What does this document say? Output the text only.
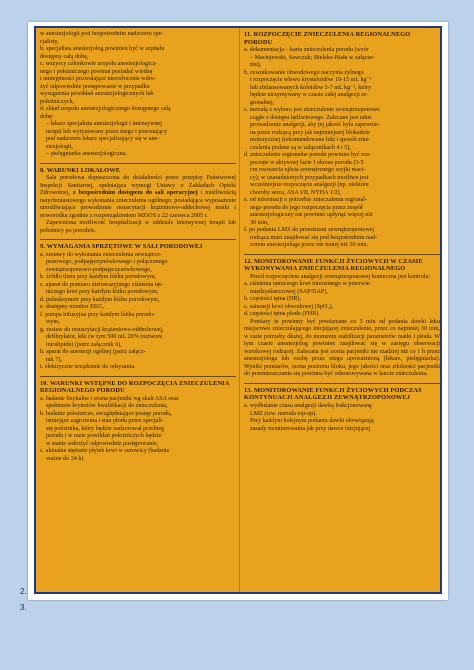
w anestezjologii pod bezpośrednim nadzorem spe-

cjalisty,

b. specjalista anestezjolog powinien być w szpitalu

dostępny całą dobę,

c. wszyscy członkowie zespołu anestezjologicz-

nego i położniczego powinni posiadać wiedzę

i umiejętności pozwalające niezwłocznie wdro-

żyć odpowiednie postępowanie w przypadku

wystąpienia powikłań anestezjologicznych lub

położniczych,

d. skład zespołu anestezjologicznego dostępnego całą

dobę:

– lekarz specjalista anestezjologii i intensywnej

terapii lub wytypowany przez niego i pozostający

pod nadzorem lekarz specjalizujący się w ane-

stezjologii,

– pielęgniarka anestezjologiczna.

8. WARUNKI LOKALOWE

Sala porodowa dopuszczona do działalności przez przepisy Państwowej Inspekcji Sanitarnej, spełniająca wymogi Ustawy o Zakładach Opieki Zdrowotnej, z bezpośrednim dostępem do sali operacyjnej i możliwością natychmiastowego wykonania znieczulenia ogólnego, posiadająca wyposażenie umożliwiające prowadzenie resuscytacji krążeniowo-oddechowej matki i noworodka zgodnie z rozporządzeniem MZiOS z 22 czerwca 2005 r.

Zapewniona możliwość hospitalizacji w oddziale intensywnej terapii lub położnicy po porodzie.

9. WYMAGANIA SPRZĘTOWE W SALI PORODOWEJ

a. zestawy do wykonania znieczulenia zewnątrzo-

ponowego, podpajęczynówkowego i połączonego

zewnątrzoponowo-podpajęczynówkowego,

b. źródło tlenu przy każdym łóżku porodowym,

c. aparat do pomiaru nieinwazyjnego ciśnienia tęt-

niczego krwi przy każdym łóżku porodowym,

d. pulsoksymetr przy każdym łóżku porodowym,

e. dostępny monitor EKG,

f. pompa infuzyjna przy każdym łóżku porodo-

wym,

g. zestaw do resuscytacji krążeniowo-oddechowej,

defibrylator, leki (w tym 500 mL 20% roztworu

intralipidu) (patrz załącznik 6),

h. aparat do anestezji ogólnej (patrz załącz-

nik 7),

i. elektryczne urządzenie do odsysania.

10. WARUNKI WSTĘPNE DO ROZPOCZĘCIA ZNIECZULENIA REGIONALNEGO PORODU

a. badanie fizykalne i ocena pacjentki wg skali ASA oraz

spełnienie kryteriów kwalifikacji do znieczulenia,

b. badanie położnicze, uwzględniające postęp porodu,

istniejące zagrożenia i stan płodu przez specjali-

stę położnika, który będzie nadzorował przebieg

porodu i w razie powikłań położniczych będzie

w stanie wdrożyć odpowiednie postępowanie,

c. aktualne stężenie płytek krwi w surowicy (badanie

ważne do 24 h)

11. ROZPOCZĘCIE ZNIECZULENIA REGIONALNEGO PORODU

a. dokumentacja – karta znieczulenia porodu (wzór

– Maciejewski, Sawczuk; Bielsko-Biała w załącze-

niu),

b. cewnikowanie obwodowego naczynia żylnego

i rozpoczęcie wlewu krystaloidów 10-15 mL kg⁻¹

lub zbilansowanych koloidów 5-7 mL kg⁻¹, który

będzie utrzymywany w czasie całej analgezji re-

gionalnej,

c. metodą z wyboru jest znieczulenie zewnątrzoponowe

ciągłe z dostępu lędźwiowego. Zalecane jest takie

prowadzenie analgezji, aby jej jakość była zapewnio-

na przez rodzącą przy jak najmniejszej blokadzie

motorycznej (rekomendowane leki i sposób znie-

czulenia podane są w załącznikach 4 i 5),

d. znieczulenie regionalne porodu powinno być roz-

poczęte w aktywnej fazie I okresu porodu (3-5

cm rozwarcia ujścia zewnętrznego szyjki maci-

cy); w uzasadnionych przypadkach możliwe jest

wcześniejsze rozpoczęcie analgezji (np. niektóre

choroby serca, ASA I/II, NYHA 1/2),

e. od informacji o potrzebie znieczulenia regional-

nego porodu do jego rozpoczęcia przez zespół

anestezjologiczny nie powinno upłynąć więcej niż

30 min,

f. po podaniu LMZ do przestrzeni zewnątrzoponowej

rodząca musi znajdować się pod bezpośrednim nad-

zorem anestezjologa przez nie mniej niż 30 min.

12. MONITOROWANIE FUNKCJI ŻYCIOWYCH W CZASIE WYKONYWANIA ZNIECZULENIA REGIONALNEGO

Przed rozpoczęciem analgezji zewnątrzoponowej konieczna jest kontrola:

a. ciśnienia tętniczego krwi mierzonego w przerwie

międzyskurczowej (SAP/DAP),

b. częstości tętna (HR),

c. saturacji krwi obwodowej (SpO₂),

d. częstości tętna płodu (FHR).

Pomiary te powinny być powtarzane co 5 min od podania dawki leku miejscowo znieczulającego inicjującej znieczulenie, przez co najmniej 30 min, w razie potrzeby dłużej, do momentu stabilizacji parametrów matki i płodu. W tym czasie anestezjolog powinien znajdować się w zasięgu obserwacji wzrokowej rodzącej. Zalecana jest ocena pacjentki nie rzadziej niż co 1 h przez anestezjologa lub osobę przez niego upoważnioną (lekarz, pielęgniarka). Wyniki pomiarów, ocena poziomu bloku, jego jakości oraz zdolności pacjentki do przemieszczania się powinna być odnotowywana w karcie znieczulenia.

13. MONITOROWANIE FUNKCJI ŻYCIOWYCH PODCZAS KONTYNUACJI ANALGEZJI ZEWNĄTRZOPONOWEJ

a. wydłużanie czasu analgezji dawką frakcjonowaną

LMZ (tzw. metoda top-up).

Przy każdym kolejnym podaniu dawki obowiązują

zasady monitorowania jak przy dawce inicjującej

2.
3.
